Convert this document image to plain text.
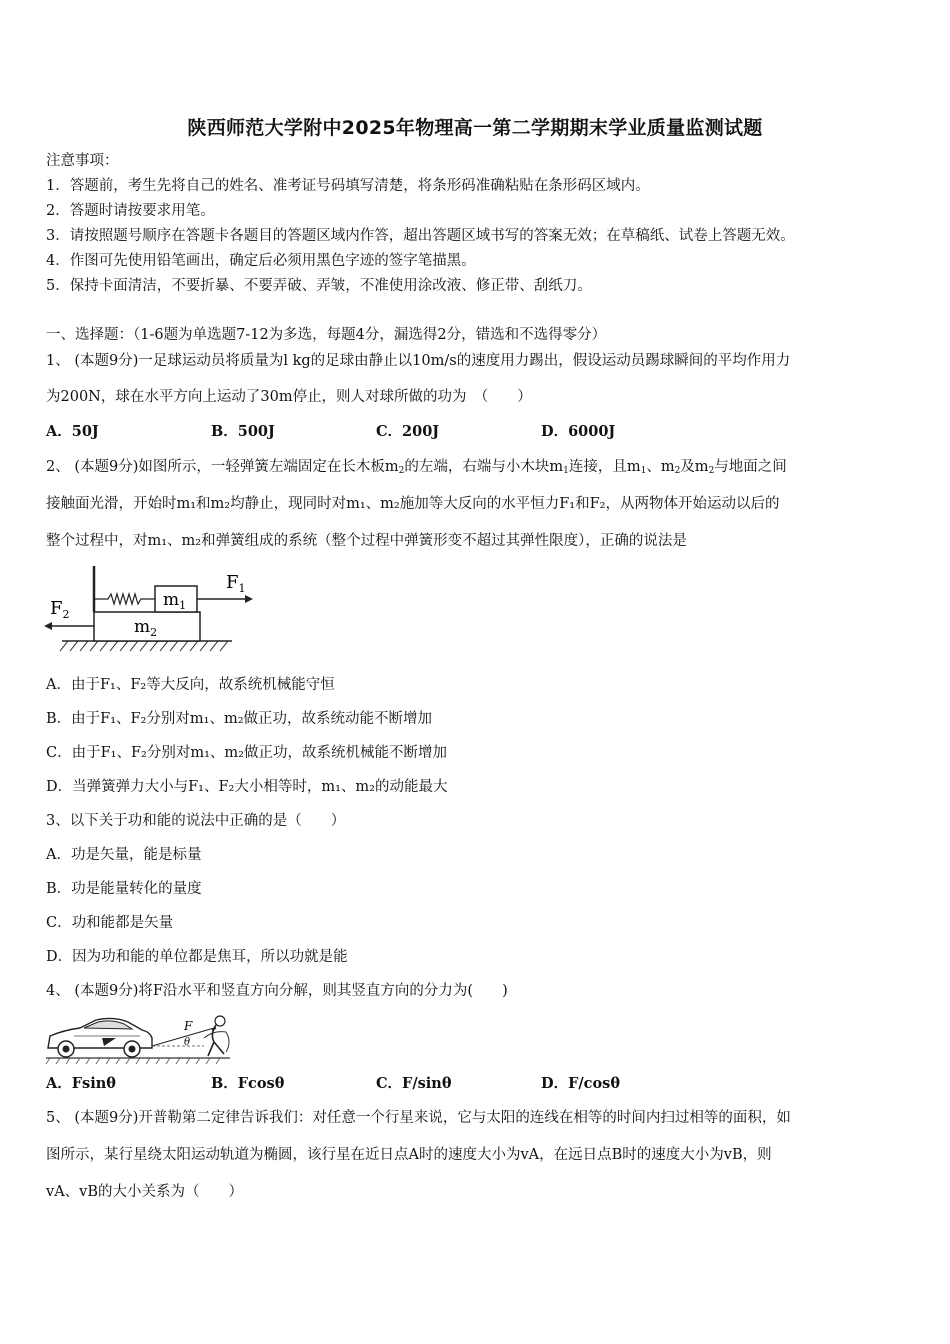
陕西师范大学附中2025年物理高一第二学期期末学业质量监测试题
注意事项：
1．答题前，考生先将自己的姓名、准考证号码填写清楚，将条形码准确粘贴在条形码区域内。
2．答题时请按要求用笔。
3．请按照题号顺序在答题卡各题目的答题区域内作答，超出答题区域书写的答案无效；在草稿纸、试卷上答题无效。
4．作图可先使用铅笔画出，确定后必须用黑色字迹的签字笔描黑。
5．保持卡面清洁，不要折暴、不要弄破、弄皱，不准使用涂改液、修正带、刮纸刀。
一、选择题：（1-6题为单选题7-12为多选，每题4分，漏选得2分，错选和不选得零分）
1、 (本题9分)一足球运动员将质量为l kg的足球由静止以10m/s的速度用力踢出，假设运动员踢球瞬间的平均作用力
为200N，球在水平方向上运动了30m停止，则人对球所做的功为　（　　）
A．50J	B．500J	C．200J	D．6000J
2、 (本题9分)如图所示，一轻弹簧左端固定在长木板$m_2$的左端，右端与小木块$m_1$连接，且$m_1$、$m_2$及$m_2$与地面之间
接触面光滑，开始时m₁和m₂均静止，现同时对m₁、m₂施加等大反向的水平恒力F₁和F₂，从两物体开始运动以后的
整个过程中，对m₁、m₂和弹簧组成的系统（整个过程中弹簧形变不超过其弹性限度），正确的说法是
$m_1$
$m_2$
$F_1$
$F_2$
A．由于F₁、F₂等大反向，故系统机械能守恒
B．由于F₁、F₂分别对m₁、m₂做正功，故系统动能不断增加
C．由于F₁、F₂分别对m₁、m₂做正功，故系统机械能不断增加
D．当弹簧弹力大小与F₁、F₂大小相等时，m₁、m₂的动能最大
3、以下关于功和能的说法中正确的是（　　）
A．功是矢量，能是标量
B．功是能量转化的量度
C．功和能都是矢量
D．因为功和能的单位都是焦耳，所以功就是能
4、 (本题9分)将F沿水平和竖直方向分解，则其竖直方向的分力为(　　)
F
θ
A．Fsinθ	B．Fcosθ	C．F/sinθ	D．F/cosθ
5、 (本题9分)开普勒第二定律告诉我们：对任意一个行星来说，它与太阳的连线在相等的时间内扫过相等的面积，如
图所示，某行星绕太阳运动轨道为椭圆，该行星在近日点A时的速度大小为vA，在远日点B时的速度大小为vB，则
vA、vB的大小关系为（　　）
